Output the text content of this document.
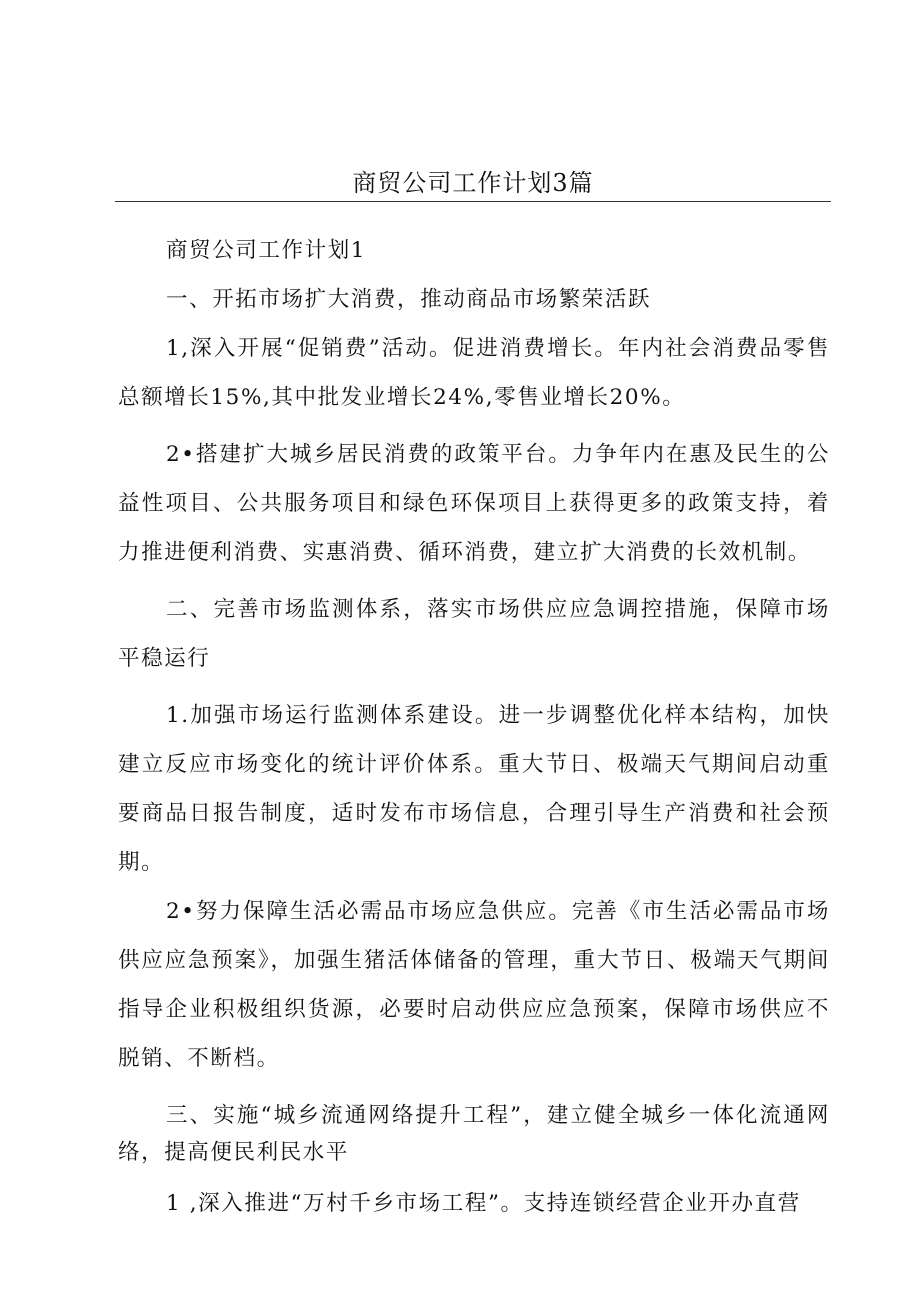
商贸公司工作计划3篇

商贸公司工作计划1

一、开拓市场扩大消费，推动商品市场繁荣活跃

1,深入开展“促销费”活动。促进消费增长。年内社会消费品零售总额增长15%,其中批发业增长24%,零售业增长20%。

2•搭建扩大城乡居民消费的政策平台。力争年内在惠及民生的公益性项目、公共服务项目和绿色环保项目上获得更多的政策支持，着力推进便利消费、实惠消费、循环消费，建立扩大消费的长效机制。

二、完善市场监测体系，落实市场供应应急调控措施，保障市场平稳运行

1.加强市场运行监测体系建设。进一步调整优化样本结构，加快建立反应市场变化的统计评价体系。重大节日、极端天气期间启动重要商品日报告制度，适时发布市场信息，合理引导生产消费和社会预期。

2•努力保障生活必需品市场应急供应。完善《市生活必需品市场供应应急预案》，加强生猪活体储备的管理，重大节日、极端天气期间指导企业积极组织货源，必要时启动供应应急预案，保障市场供应不脱销、不断档。

三、实施“城乡流通网络提升工程”，建立健全城乡一体化流通网络，提高便民利民水平

1 ,深入推进“万村千乡市场工程”。支持连锁经营企业开办直营
